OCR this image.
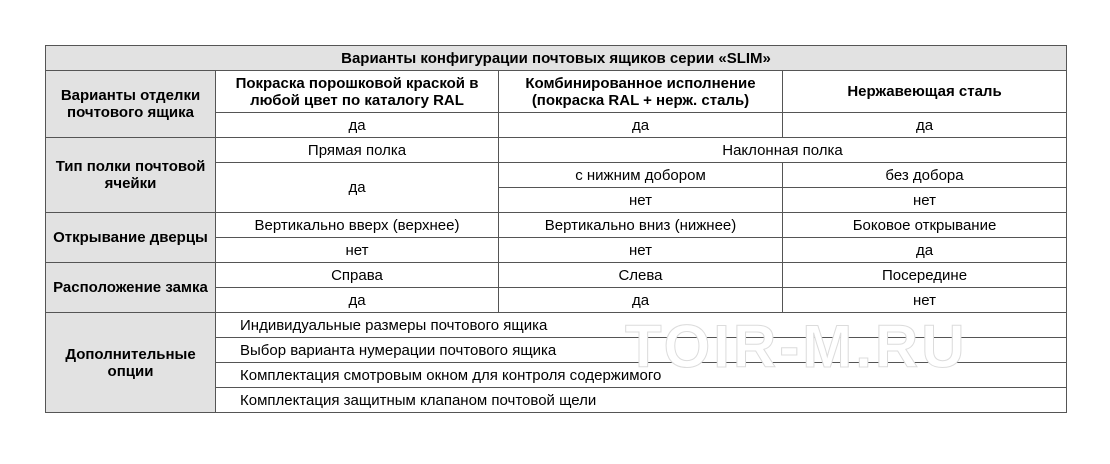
Варианты конфигурации почтовых ящиков серии «SLIM»			
Варианты отделки почтового ящика	Покраска порошковой краской в любой цвет по каталогу RAL	Комбинированное исполнение (покраска RAL + нерж. сталь)	Нержавеющая сталь
	да	да	да
Тип полки почтовой ячейки	Прямая полка	Наклонная полка	
	да	с нижним добором	без добора
		нет	нет
Открывание дверцы	Вертикально вверх (верхнее)	Вертикально вниз (нижнее)	Боковое открывание
	нет	нет	да
Расположение замка	Справа	Слева	Посередине
	да	да	нет
Дополнительные опции	Индивидуальные размеры почтового ящика		
	Выбор варианта нумерации почтового ящика		
	Комплектация смотровым окном для контроля содержимого		
	Комплектация защитным клапаном почтовой щели		
TOIR-M.RU
